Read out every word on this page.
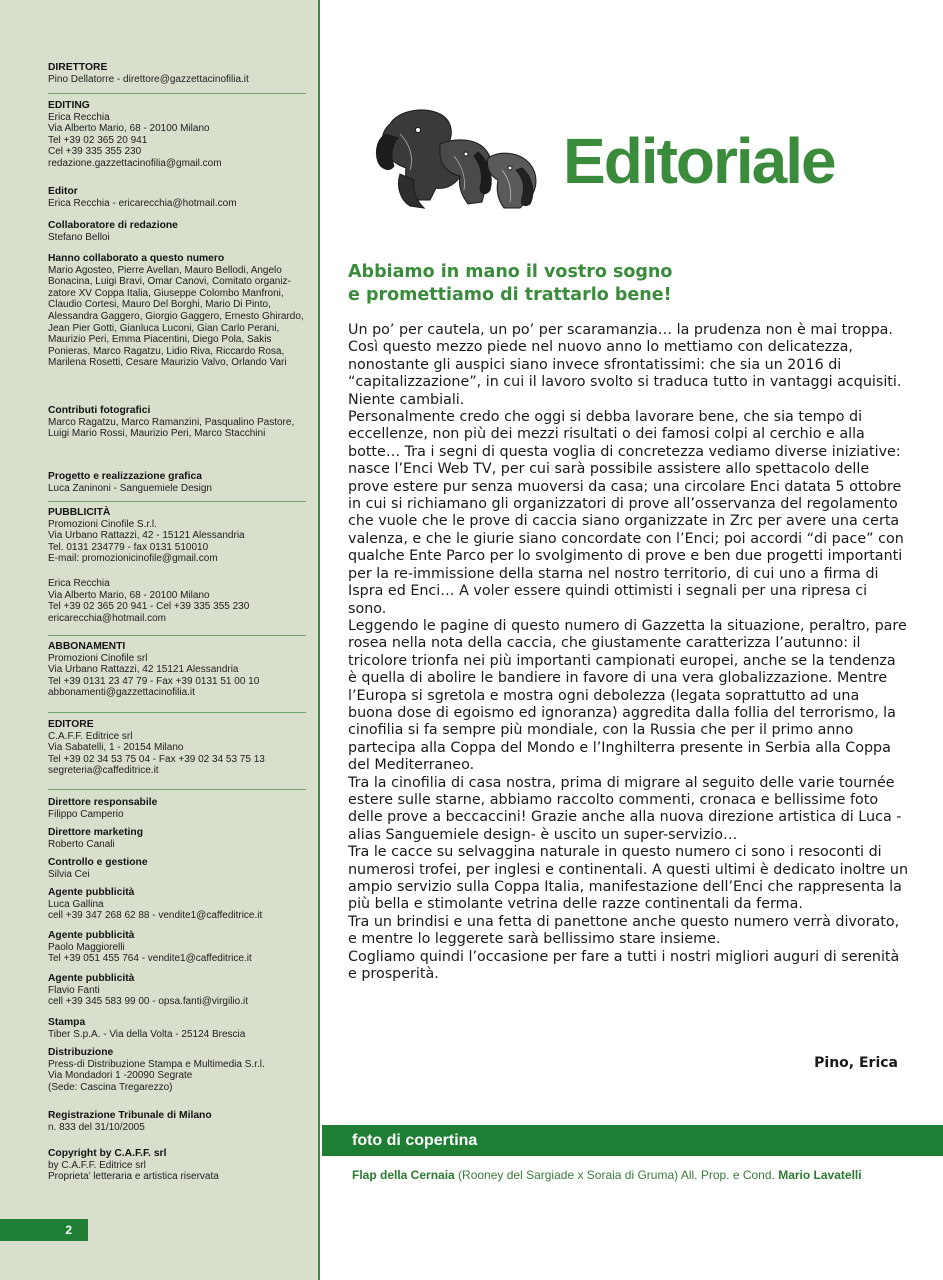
DIRETTORE
Pino Dellatorre - direttore@gazzettacinofilia.it
EDITING
Erica Recchia
Via Alberto Mario, 68 - 20100 Milano
Tel +39 02 365 20 941
Cel +39 335 355 230
redazione.gazzettacinofilia@gmail.com
Editor
Erica Recchia - ericarecchia@hotmail.com
Collaboratore di redazione
Stefano Belloi
Hanno collaborato a questo numero
Mario Agosteo, Pierre Avellan, Mauro Bellodi, Angelo
Bonacina, Luigi Bravi, Omar Canovi, Comitato organiz-
zatore XV Coppa Italia, Giuseppe Colombo Manfroni,
Claudio Cortesi, Mauro Del Borghi, Mario Di Pinto,
Alessandra Gaggero, Giorgio Gaggero, Ernesto Ghirardo,
Jean Pier Gotti, Gianluca Luconi, Gian Carlo Perani,
Maurizio Peri, Emma Piacentini, Diego Pola, Sakis
Ponieras, Marco Ragatzu, Lidio Riva, Riccardo Rosa,
Marilena Rosetti, Cesare Maurizio Valvo, Orlando Vari
Contributi fotografici
Marco Ragatzu, Marco Ramanzini, Pasqualino Pastore,
Luigi Mario Rossi, Maurizio Peri, Marco Stacchini
Progetto e realizzazione grafica
Luca Zaninoni - Sanguemiele Design
PUBBLICITÀ
Promozioni Cinofile S.r.l.
Via Urbano Rattazzi, 42 - 15121 Alessandria
Tel. 0131 234779 - fax 0131 510010
E-mail: promozionicinofile@gmail.com
Erica Recchia
Via Alberto Mario, 68 - 20100 Milano
Tel +39 02 365 20 941 - Cel +39 335 355 230
ericarecchia@hotmail.com
ABBONAMENTI
Promozioni Cinofile srl
Via Urbano Rattazzi, 42 15121 Alessandria
Tel +39 0131 23 47 79 - Fax +39 0131 51 00 10
abbonamenti@gazzettacinofilia.it
EDITORE
C.A.F.F. Editrice srl
Via Sabatelli, 1 - 20154 Milano
Tel +39 02 34 53 75 04 - Fax +39 02 34 53 75 13
segreteria@caffeditrice.it
Direttore responsabile
Filippo Camperio
Direttore marketing
Roberto Canali
Controllo e gestione
Silvia Cei
Agente pubblicità
Luca Gallina
cell +39 347 268 62 88 - vendite1@caffeditrice.it
Agente pubblicità
Paolo Maggiorelli
Tel +39 051 455 764 - vendite1@caffeditrice.it
Agente pubblicità
Flavio Fanti
cell +39 345 583 99 00 - opsa.fanti@virgilio.it
Stampa
Tiber S.p.A. - Via della Volta - 25124 Brescia
Distribuzione
Press-di Distribuzione Stampa e Multimedia S.r.l.
Via Mondadori 1 -20090 Segrate
(Sede: Cascina Tregarezzo)
Registrazione Tribunale di Milano
n. 833 del 31/10/2005
Copyright by C.A.F.F. srl
by C.A.F.F. Editrice srl
Proprieta’ letteraria e artistica riservata
2
Editoriale
Abbiamo in mano il vostro sogno
e promettiamo di trattarlo bene!

Un po’ per cautela, un po’ per scaramanzia… la prudenza non è mai troppa. Così questo mezzo piede nel nuovo anno lo mettiamo con delicatezza, nonostante gli auspici siano invece sfrontatissimi: che sia un 2016 di “capitalizzazione”, in cui il lavoro svolto si traduca tutto in vantaggi acquisiti. Niente cambiali.

Personalmente credo che oggi si debba lavorare bene, che sia tempo di eccellenze, non più dei mezzi risultati o dei famosi colpi al cerchio e alla botte… Tra i segni di questa voglia di concretezza vediamo diverse iniziative: nasce l’Enci Web TV, per cui sarà possibile assistere allo spettacolo delle prove estere pur senza muoversi da casa; una circolare Enci datata 5 ottobre in cui si richiamano gli organizzatori di prove all’osservanza del regolamento che vuole che le prove di caccia siano organizzate in Zrc per avere una certa valenza, e che le giurie siano concordate con l’Enci; poi accordi “di pace” con qualche Ente Parco per lo svolgimento di prove e ben due progetti importanti per la re-immissione della starna nel nostro territorio, di cui uno a firma di Ispra ed Enci… A voler essere quindi ottimisti i segnali per una ripresa ci sono.

Leggendo le pagine di questo numero di Gazzetta la situazione, peraltro, pare rosea nella nota della caccia, che giustamente caratterizza l’autunno: il tricolore trionfa nei più importanti campionati europei, anche se la tendenza è quella di abolire le bandiere in favore di una vera globalizzazione. Mentre l’Europa si sgretola e mostra ogni debolezza (legata soprattutto ad una buona dose di egoismo ed ignoranza) aggredita dalla follia del terrorismo, la cinofilia si fa sempre più mondiale, con la Russia che per il primo anno partecipa alla Coppa del Mondo e l’Inghilterra presente in Serbia alla Coppa del Mediterraneo.

Tra la cinofilia di casa nostra, prima di migrare al seguito delle varie tournée estere sulle starne, abbiamo raccolto commenti, cronaca e bellissime foto delle prove a beccaccini! Grazie anche alla nuova direzione artistica di Luca -alias Sanguemiele design- è uscito un super-servizio…

Tra le cacce su selvaggina naturale in questo numero ci sono i resoconti di numerosi trofei, per inglesi e continentali. A questi ultimi è dedicato inoltre un ampio servizio sulla Coppa Italia, manifestazione dell’Enci che rappresenta la più bella e stimolante vetrina delle razze continentali da ferma.

Tra un brindisi e una fetta di panettone anche questo numero verrà divorato, e mentre lo leggerete sarà bellissimo stare insieme.

Cogliamo quindi l’occasione per fare a tutti i nostri migliori auguri di serenità e prosperità.

Pino, Erica
foto di copertina
Flap della Cernaia (Rooney del Sargiade x Soraia di Gruma) All. Prop. e Cond. Mario Lavatelli
